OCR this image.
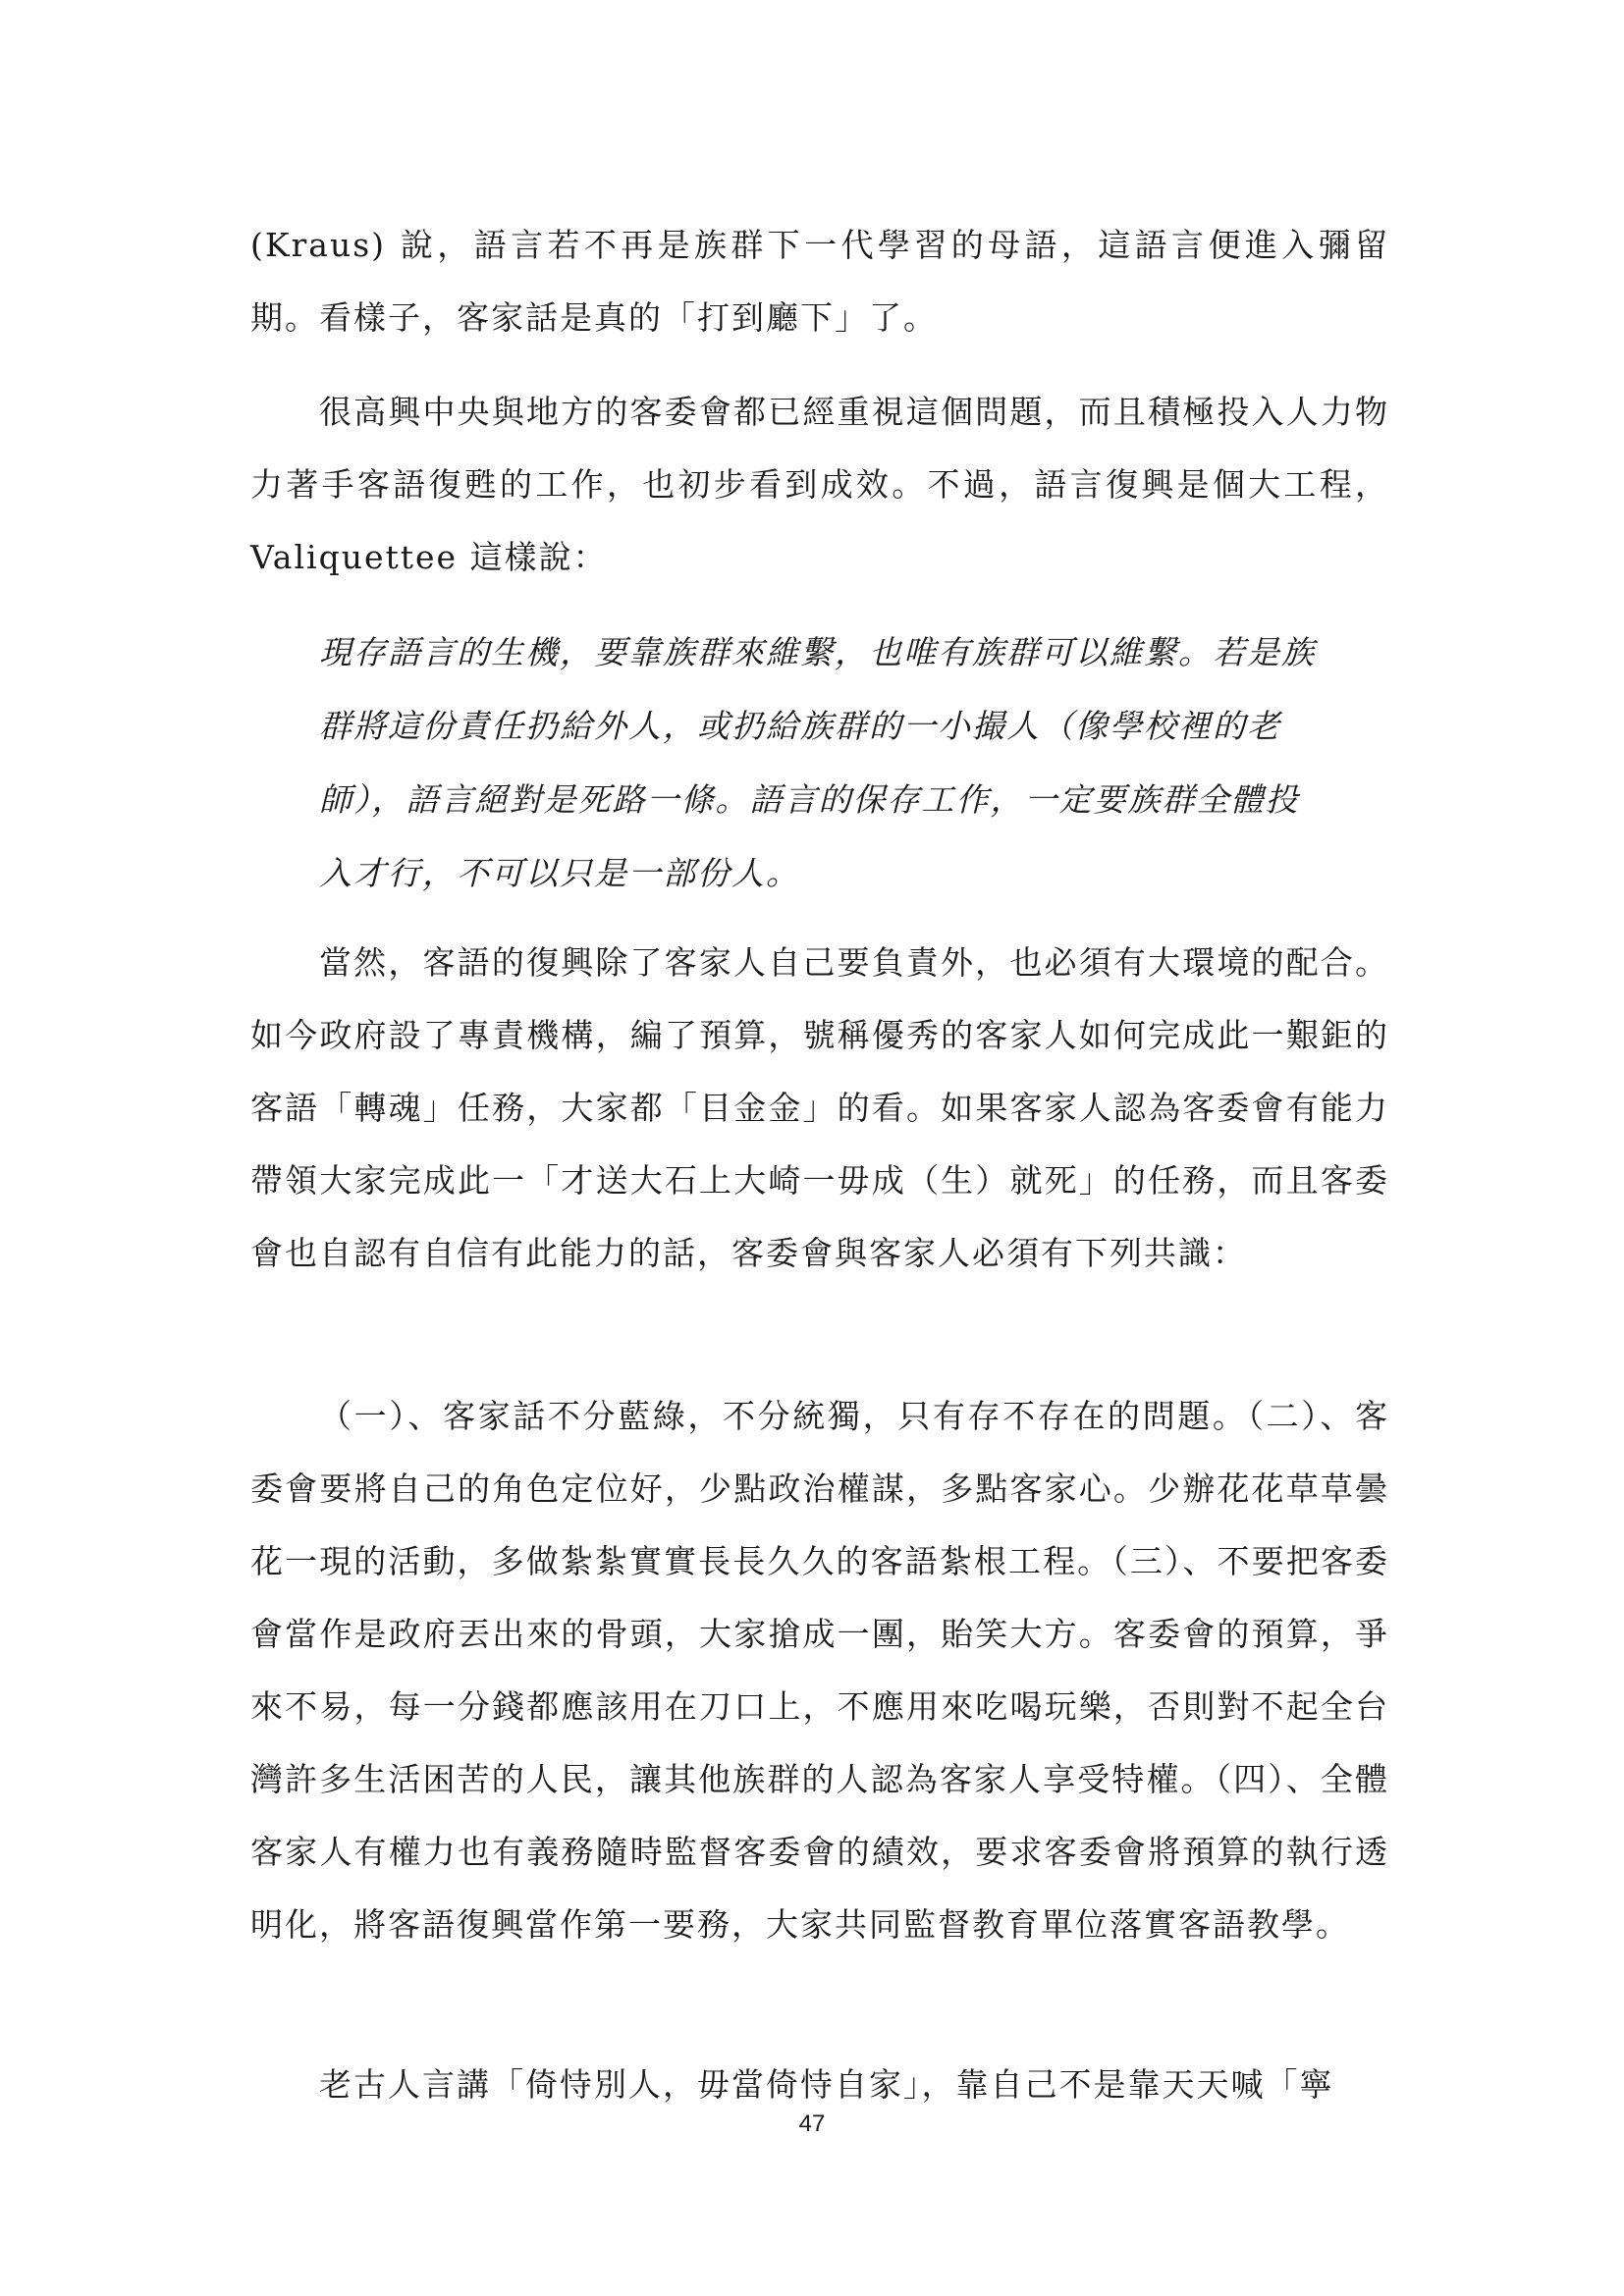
(Kraus) 說，語言若不再是族群下一代學習的母語，這語言便進入彌留期。看樣子，客家話是真的「打到廳下」了。

很高興中央與地方的客委會都已經重視這個問題，而且積極投入人力物力著手客語復甦的工作，也初步看到成效。不過，語言復興是個大工程，Valiquettee 這樣說：

現存語言的生機，要靠族群來維繫，也唯有族群可以維繫。若是族群將這份責任扔給外人，或扔給族群的一小撮人（像學校裡的老師），語言絕對是死路一條。語言的保存工作，一定要族群全體投入才行，不可以只是一部份人。

當然，客語的復興除了客家人自己要負責外，也必須有大環境的配合。如今政府設了專責機構，編了預算，號稱優秀的客家人如何完成此一艱鉅的客語「轉魂」任務，大家都「目金金」的看。如果客家人認為客委會有能力帶領大家完成此一「才送大石上大崎一毋成（生）就死」的任務，而且客委會也自認有自信有此能力的話，客委會與客家人必須有下列共識：

（一）、客家話不分藍綠，不分統獨，只有存不存在的問題。（二）、客委會要將自己的角色定位好，少點政治權謀，多點客家心。少辦花花草草曇花一現的活動，多做紮紮實實長長久久的客語紮根工程。（三）、不要把客委會當作是政府丟出來的骨頭，大家搶成一團，貽笑大方。客委會的預算，爭來不易，每一分錢都應該用在刀口上，不應用來吃喝玩樂，否則對不起全台灣許多生活困苦的人民，讓其他族群的人認為客家人享受特權。（四）、全體客家人有權力也有義務隨時監督客委會的績效，要求客委會將預算的執行透明化，將客語復興當作第一要務，大家共同監督教育單位落實客語教學。

老古人言講「倚恃別人，毋當倚恃自家」，靠自己不是靠天天喊「寧

47
